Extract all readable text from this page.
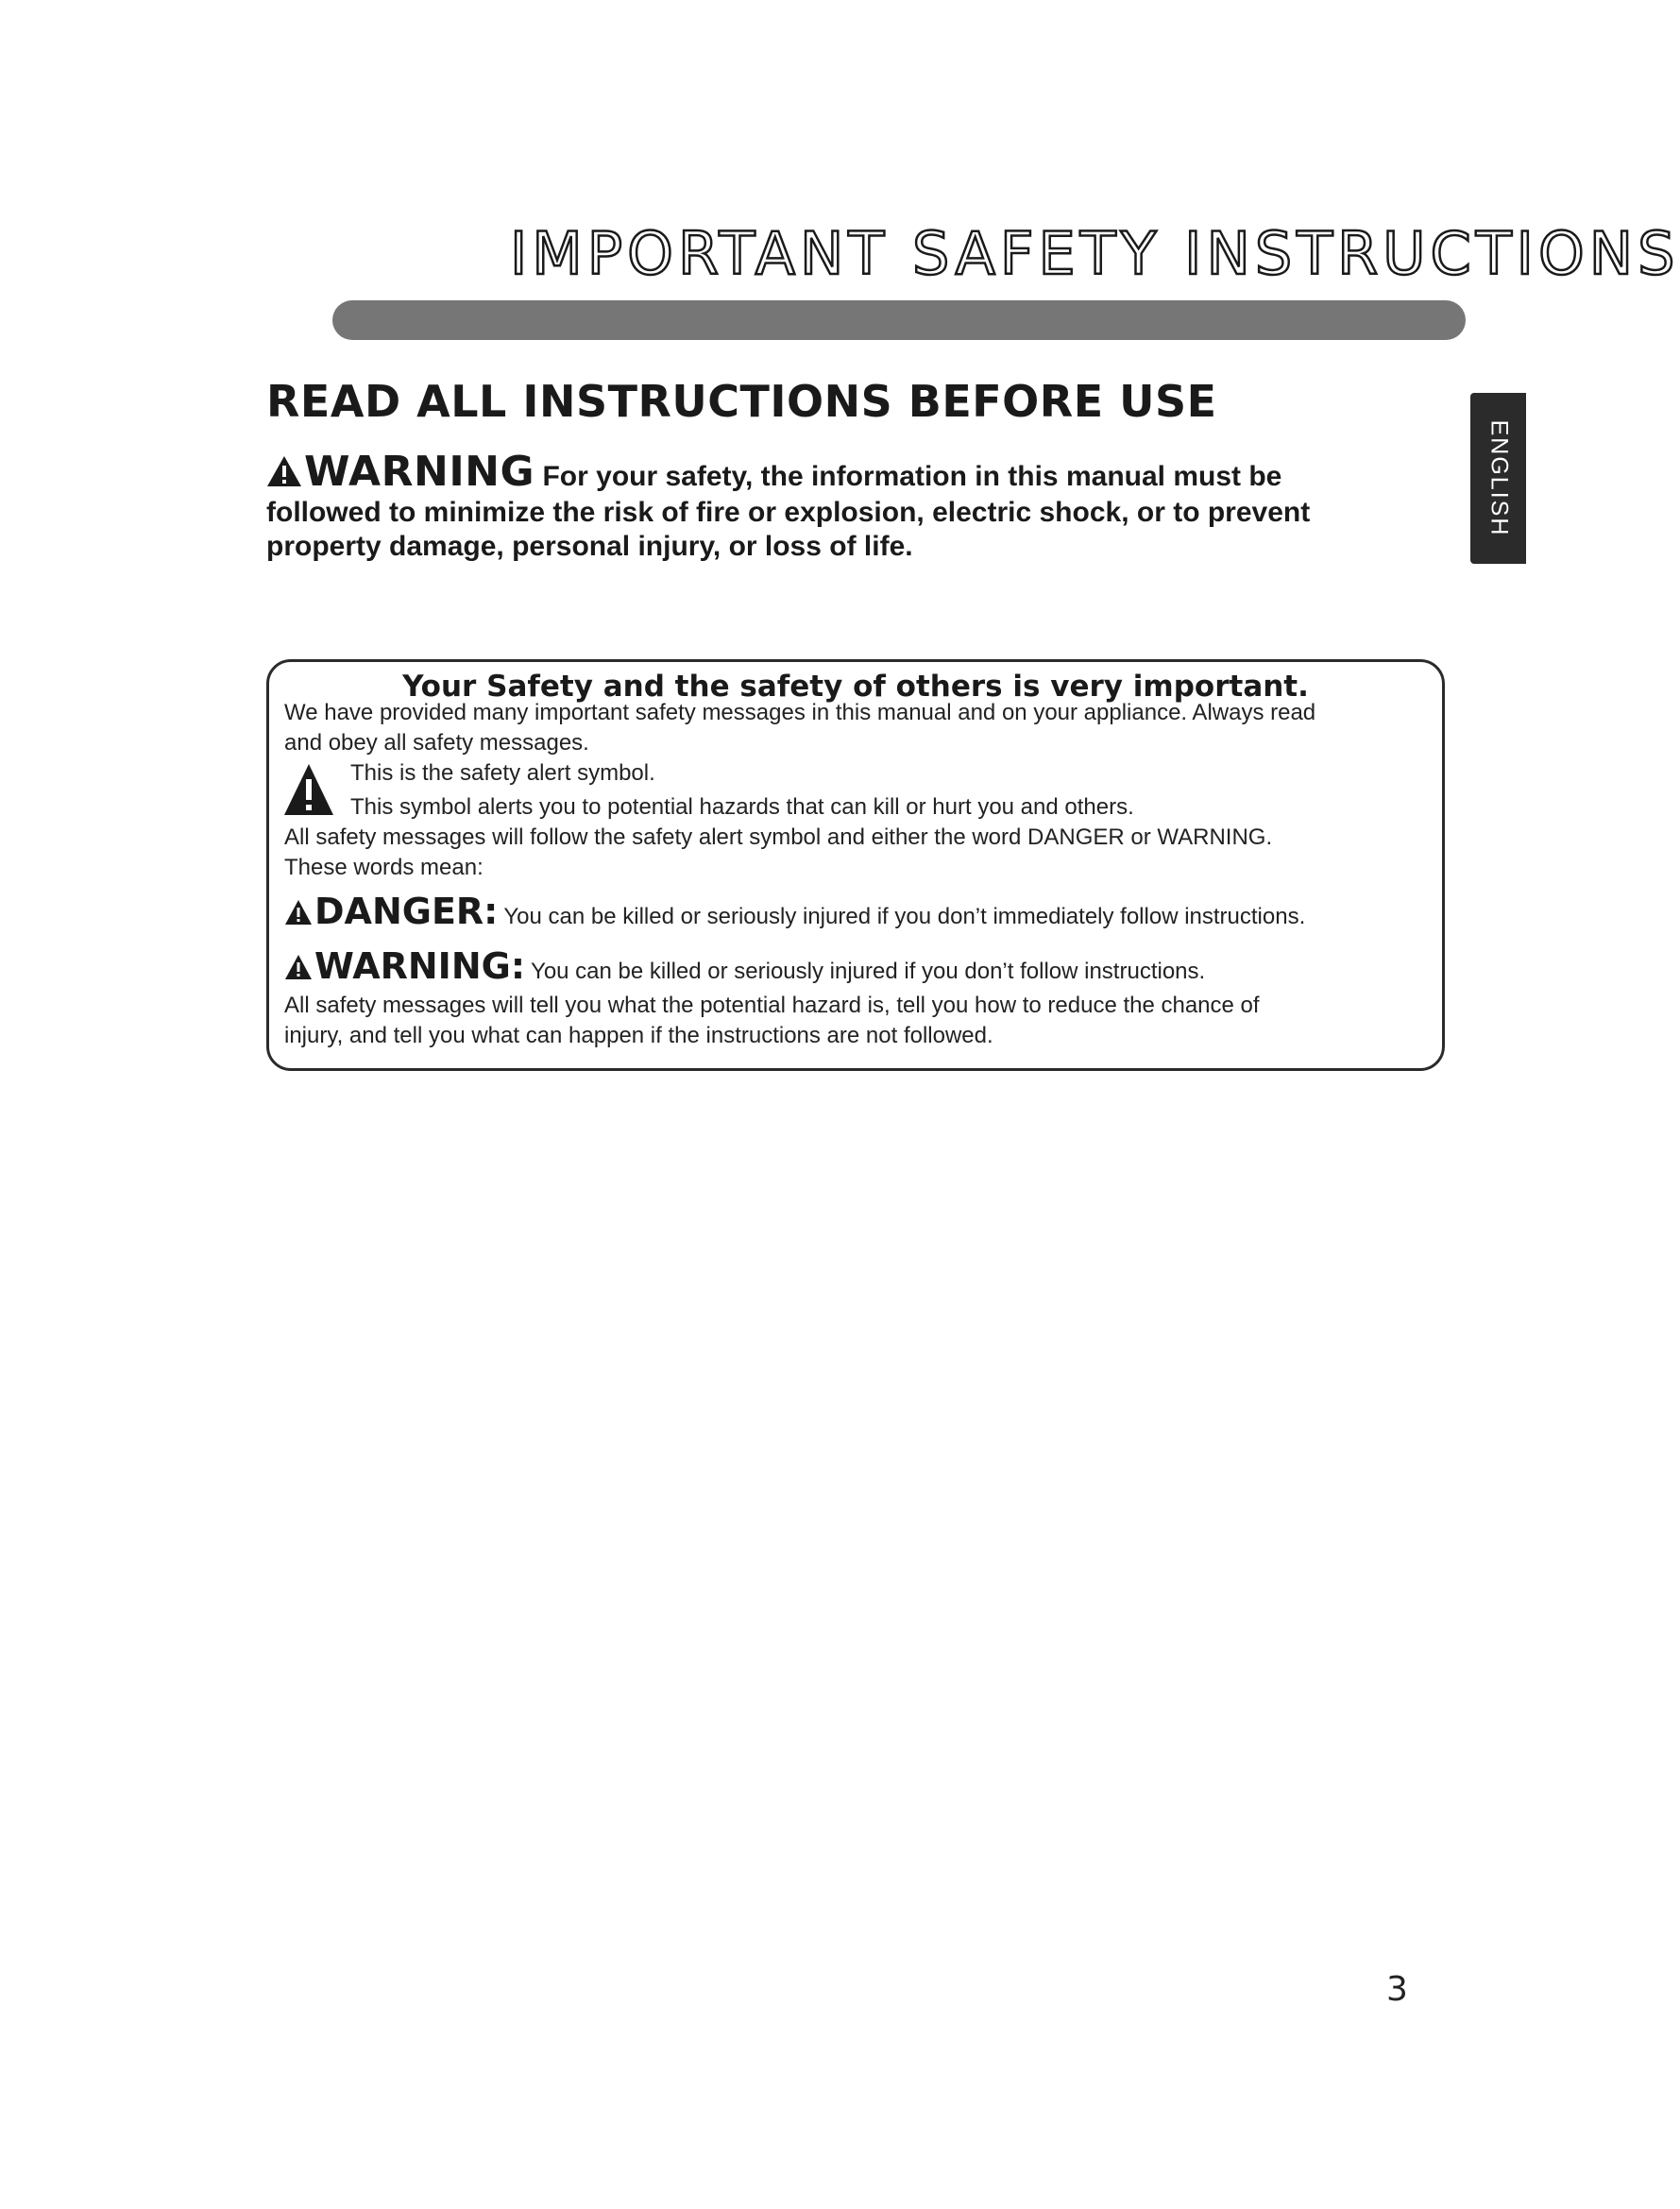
IMPORTANT SAFETY INSTRUCTIONS
ENGLISH
READ ALL INSTRUCTIONS BEFORE USE
WARNING For your safety, the information in this manual must be followed to minimize the risk of fire or explosion, electric shock, or to prevent property damage, personal injury, or loss of life.
Your Safety and the safety of others is very important.
We have provided many important safety messages in this manual and on your appliance. Always read
and obey all safety messages.
This is the safety alert symbol.
This symbol alerts you to potential hazards that can kill or hurt you and others.
All safety messages will follow the safety alert symbol and either the word DANGER or WARNING.
These words mean:
DANGER: You can be killed or seriously injured if you don’t immediately follow instructions.
WARNING: You can be killed or seriously injured if you don’t follow instructions.
All safety messages will tell you what the potential hazard is, tell you how to reduce the chance of
injury, and tell you what can happen if the instructions are not followed.
3
